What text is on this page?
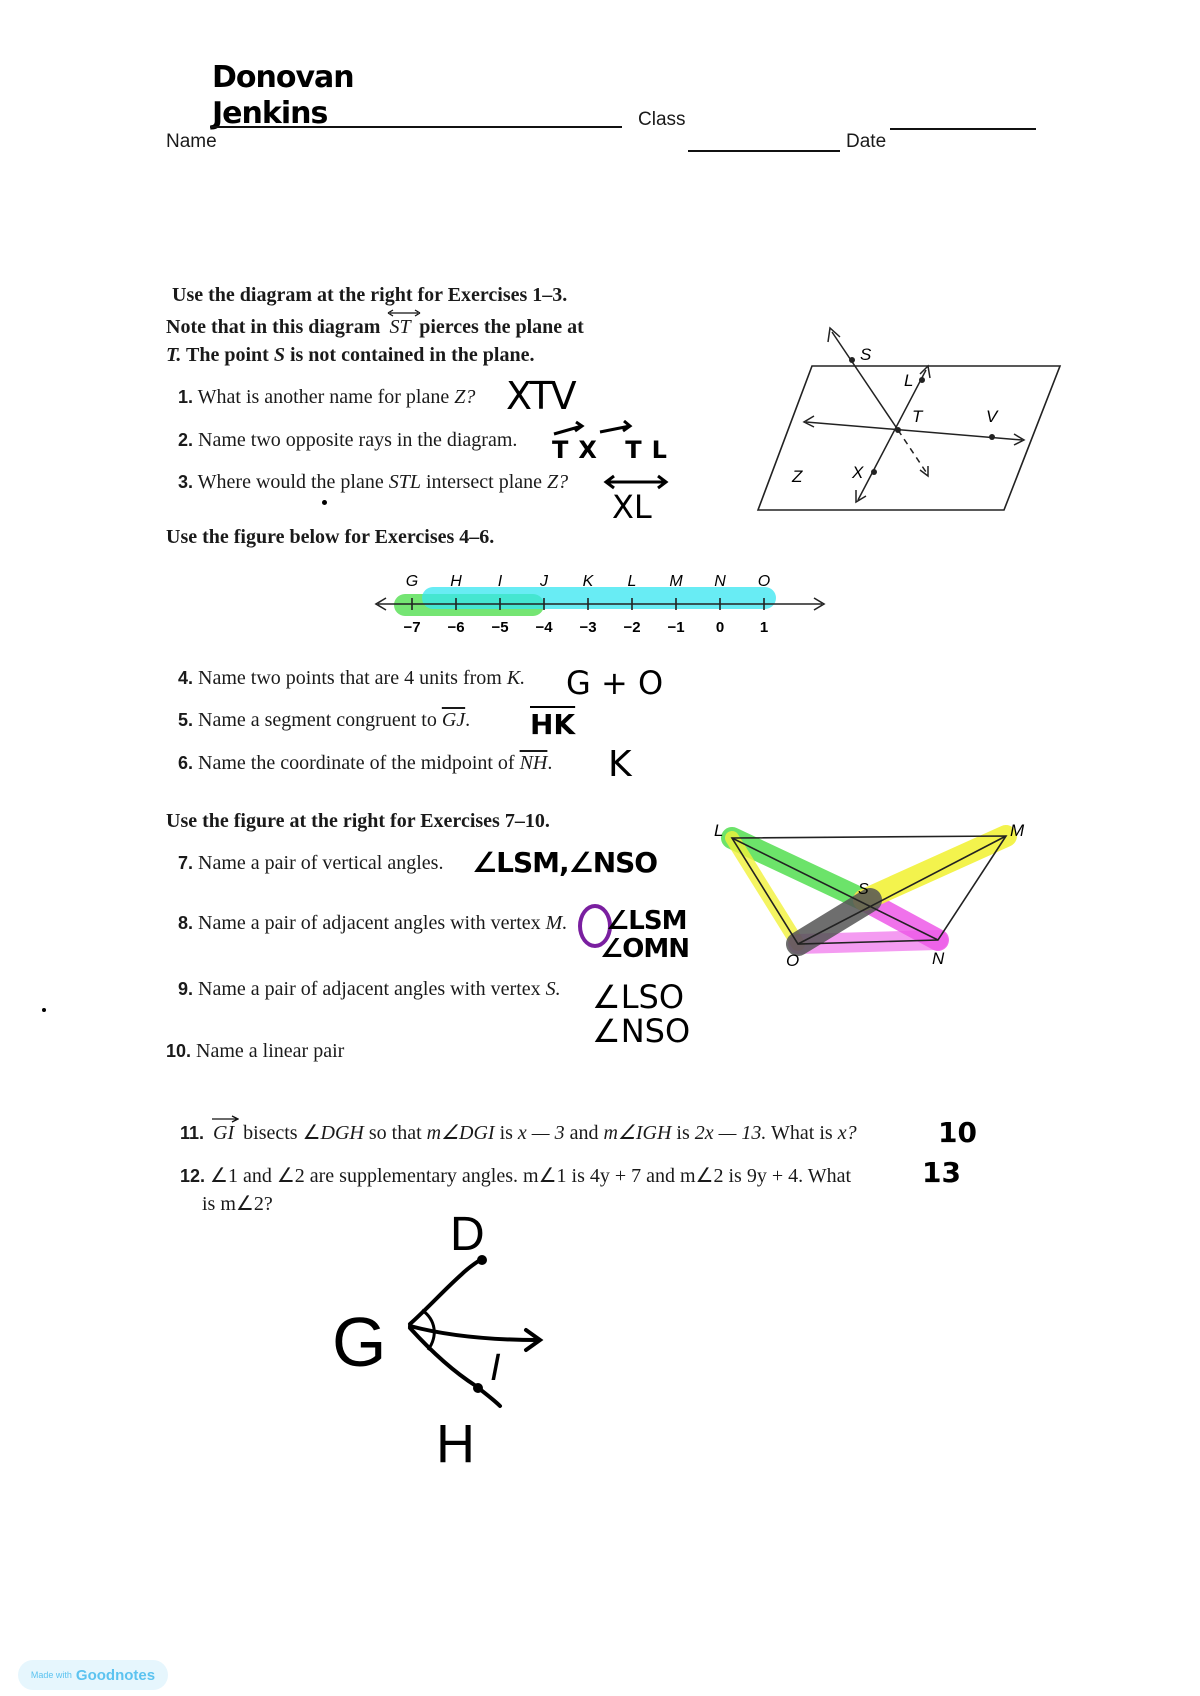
Donovan
Jenkins
Name
Class
Date
Use the diagram at the right for Exercises 1–3.
Note that in this diagram ST pierces the plane at
T. The point S is not contained in the plane.
1. What is another name for plane Z? XTV
2. Name two opposite rays in the diagram. TX TL
3. Where would the plane STL intersect plane Z?
XL
S
L
T	V
Z	X
Use the figure below for Exercises 4–6.
G
−7
H
−6
I
−5
J
−4
K
−3
L
−2
M
−1
N
0
O
1
4. Name two points that are 4 units from K. G + O
5. Name a segment congruent to $\overline{GJ}$. $\overline{HK}$
6. Name the coordinate of the midpoint of $\overline{NH}$. K
Use the figure at the right for Exercises 7–10.
7. Name a pair of vertical angles. ∠LSM,∠NSO
8. Name a pair of adjacent angles with vertex M. ∠LSM
∠OMN
9. Name a pair of adjacent angles with vertex S. ∠LSO
∠NSO
10. Name a linear pair
L	M
S
O	N
11. GI bisects ∠DGH so that m∠DGI is x — 3 and m∠IGH is 2x — 13. What is x?	10
12. ∠1 and ∠2 are supplementary angles. m∠1 is 4y + 7 and m∠2 is 9y + 4. What
is m∠2?
13
D
G	I
H
Made with Goodnotes
